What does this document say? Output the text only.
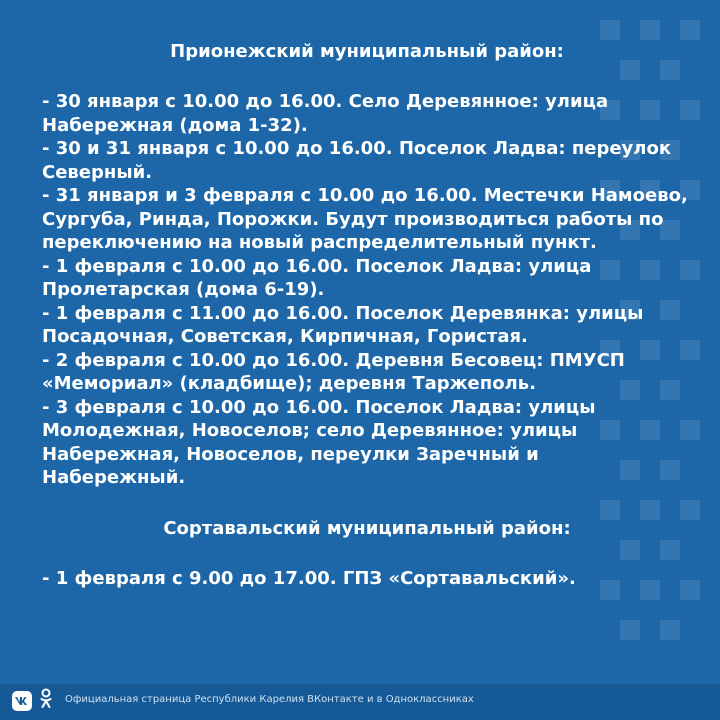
Прионежский муниципальный район:

- 30 января с 10.00 до 16.00. Село Деревянное: улица

Набережная (дома 1-32).

- 30 и 31 января с 10.00 до 16.00. Поселок Ладва: переулок

Северный.

- 31 января и 3 февраля с 10.00 до 16.00. Местечки Намоево,

Сургуба, Ринда, Порожки. Будут производиться работы по

переключению на новый распределительный пункт.

- 1 февраля с 10.00 до 16.00. Поселок Ладва: улица

Пролетарская (дома 6-19).

- 1 февраля с 11.00 до 16.00. Поселок Деревянка: улицы

Посадочная, Советская, Кирпичная, Гористая.

- 2 февраля с 10.00 до 16.00. Деревня Бесовец: ПМУСП

«Мемориал» (кладбище); деревня Таржеполь.

- 3 февраля с 10.00 до 16.00. Поселок Ладва: улицы

Молодежная, Новоселов; село Деревянное: улицы

Набережная, Новоселов, переулки Заречный и

Набережный.

Сортавальский муниципальный район:

- 1 февраля с 9.00 до 17.00. ГПЗ «Сортавальский».

Официальная страница Республики Карелия ВКонтакте и в Одноклассниках
